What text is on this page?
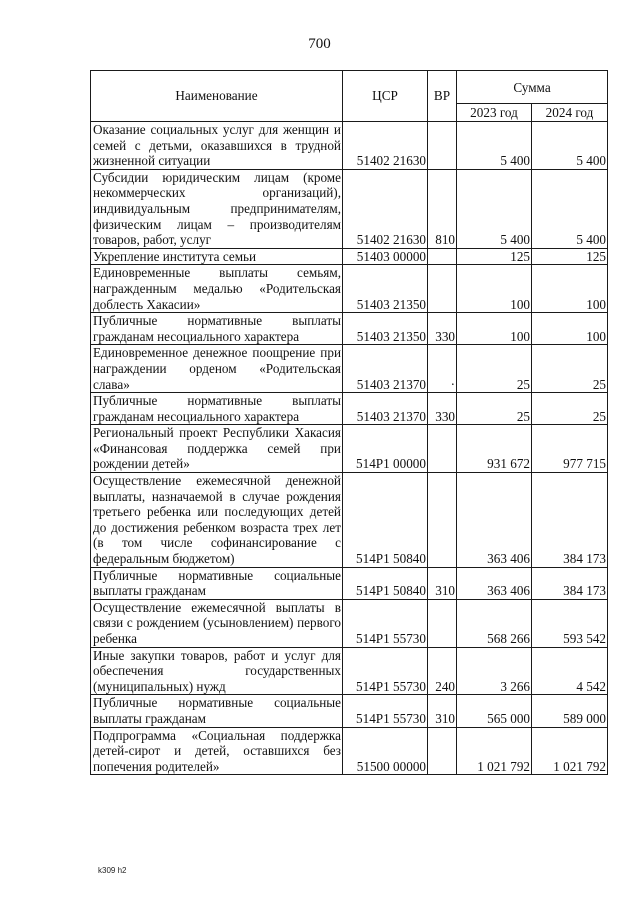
700
Наименование	ЦСР	ВР	Сумма	
			2023 год	2024 год
Оказание социальных услуг для женщин и семей с детьми, оказавшихся в трудной жизненной ситуации	51402 21630		5 400	5 400
Субсидии юридическим лицам (кроме некоммерческих организаций), индивидуальным предпринимателям, физическим лицам – производителям товаров, работ, услуг	51402 21630	810	5 400	5 400
Укрепление института семьи	51403 00000		125	125
Единовременные выплаты семьям, награжденным медалью «Родительская доблесть Хакасии»	51403 21350		100	100
Публичные нормативные выплаты гражданам несоциального характера	51403 21350	330	100	100
Единовременное денежное поощрение при награждении орденом «Родительская слава»	51403 21370	·	25	25
Публичные нормативные выплаты гражданам несоциального характера	51403 21370	330	25	25
Региональный проект Республики Хакасия «Финансовая поддержка семей при рождении детей»	514P1 00000		931 672	977 715
Осуществление ежемесячной денежной выплаты, назначаемой в случае рождения третьего ребенка или последующих детей до достижения ребенком возраста трех лет (в том числе софинансирование с федеральным бюджетом)	514P1 50840		363 406	384 173
Публичные нормативные социальные выплаты гражданам	514P1 50840	310	363 406	384 173
Осуществление ежемесячной выплаты в связи с рождением (усыновлением) первого ребенка	514P1 55730		568 266	593 542
Иные закупки товаров, работ и услуг для обеспечения государственных (муниципальных) нужд	514P1 55730	240	3 266	4 542
Публичные нормативные социальные выплаты гражданам	514P1 55730	310	565 000	589 000
Подпрограмма «Социальная поддержка детей-сирот и детей, оставшихся без попечения родителей»	51500 00000		1 021 792	1 021 792
k309 h2
